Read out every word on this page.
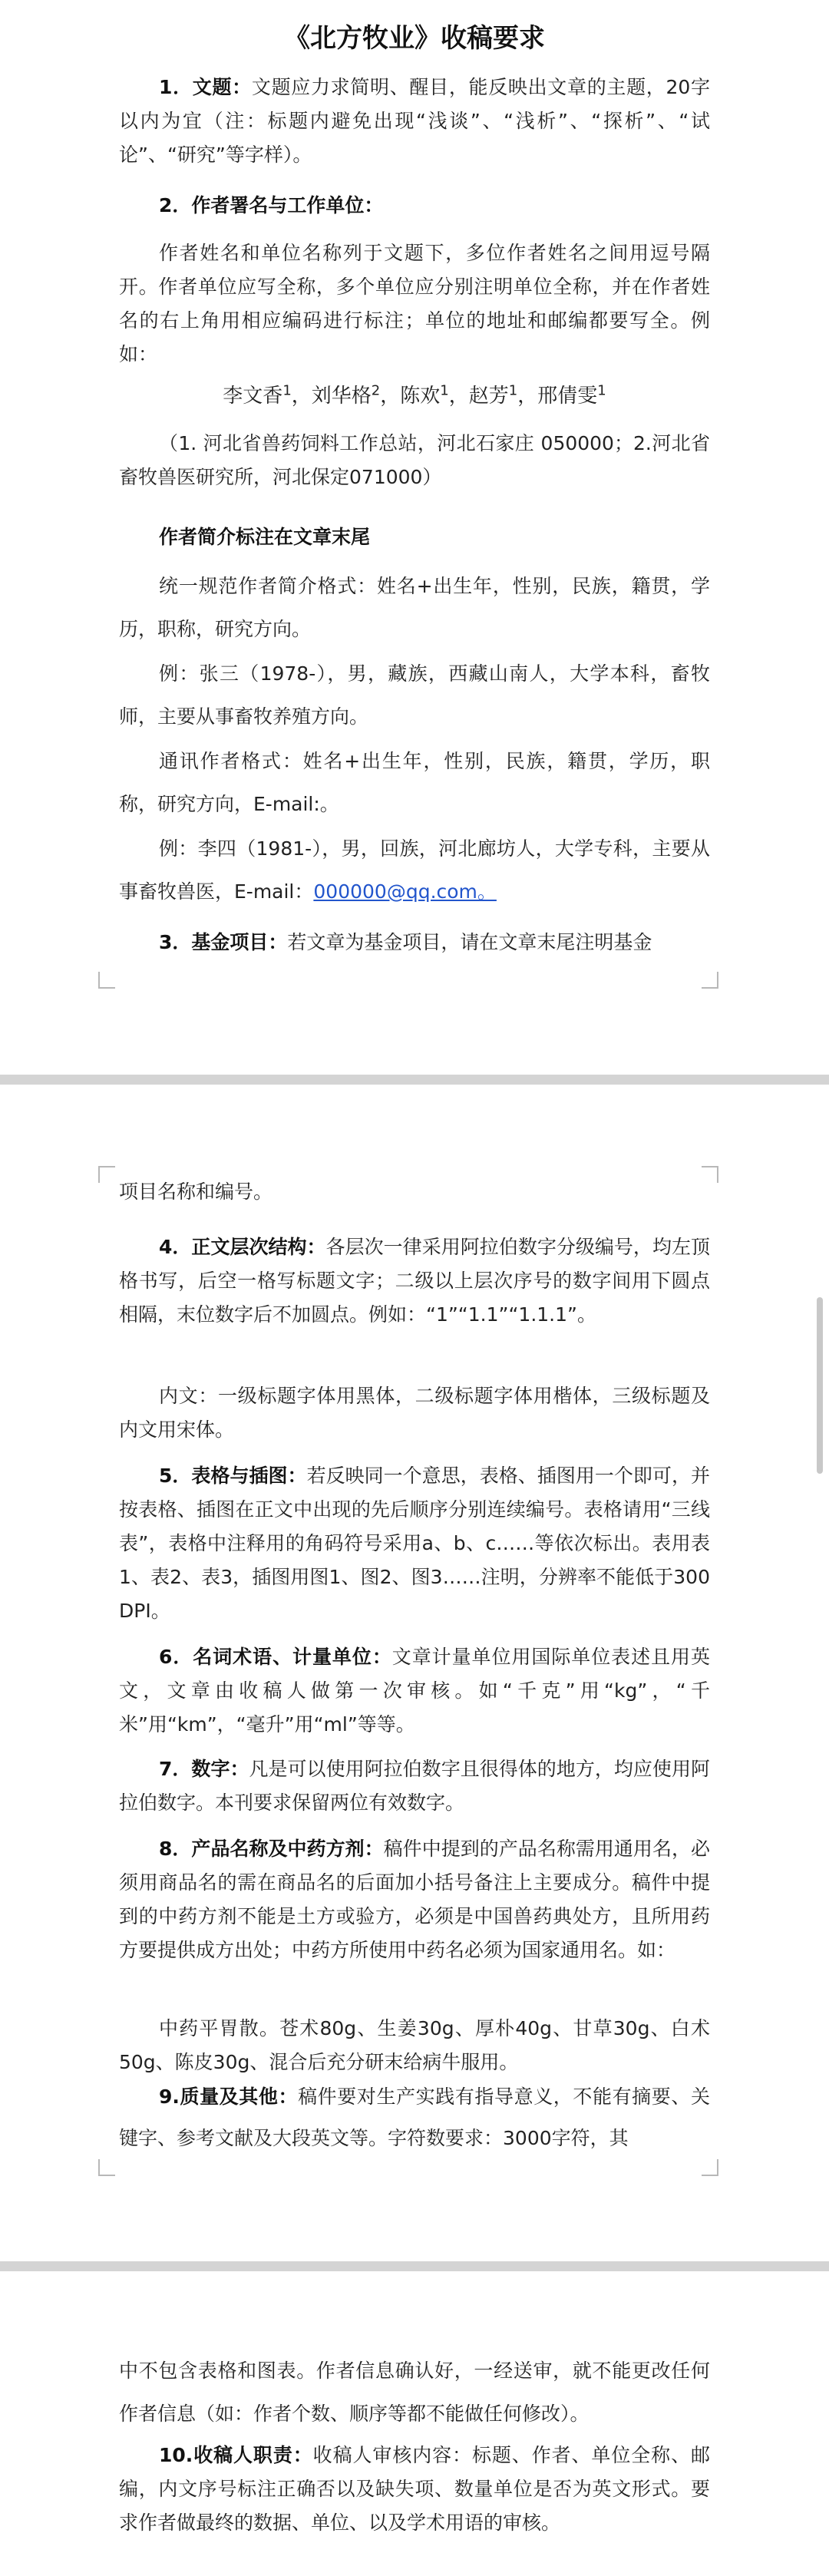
《北方牧业》收稿要求

1．文题：文题应力求简明、醒目，能反映出文章的主题，20字以内为宜（注：标题内避免出现“浅谈”、“浅析”、“探析”、“试论”、“研究”等字样）。

2．作者署名与工作单位：

作者姓名和单位名称列于文题下，多位作者姓名之间用逗号隔开。作者单位应写全称，多个单位应分别注明单位全称，并在作者姓名的右上角用相应编码进行标注；单位的地址和邮编都要写全。例如：

李文香$^1$，刘华格$^2$，陈欢$^1$，赵芳$^1$，邢倩雯$^1$

（1. 河北省兽药饲料工作总站，河北石家庄 050000；2.河北省畜牧兽医研究所，河北保定071000）

作者简介标注在文章末尾

统一规范作者简介格式：姓名+出生年，性别，民族，籍贯，学历，职称，研究方向。

例：张三（1978-），男，藏族，西藏山南人，大学本科，畜牧师，主要从事畜牧养殖方向。

通讯作者格式：姓名+出生年，性别，民族，籍贯，学历，职称，研究方向，E-mail:。

例：李四（1981-），男，回族，河北廊坊人，大学专科，主要从事畜牧兽医，E-mail：000000@qq.com。

3．基金项目：若文章为基金项目，请在文章末尾注明基金

项目名称和编号。

4．正文层次结构：各层次一律采用阿拉伯数字分级编号，均左顶格书写，后空一格写标题文字；二级以上层次序号的数字间用下圆点相隔，末位数字后不加圆点。例如：“1”“1.1”“1.1.1”。

内文：一级标题字体用黑体，二级标题字体用楷体，三级标题及内文用宋体。

5．表格与插图：若反映同一个意思，表格、插图用一个即可，并按表格、插图在正文中出现的先后顺序分别连续编号。表格请用“三线表”，表格中注释用的角码符号采用a、b、c……等依次标出。表用表1、表2、表3，插图用图1、图2、图3……注明，分辨率不能低于300 DPI。

6．名词术语、计量单位：文章计量单位用国际单位表述且用英文，文章由收稿人做第一次审核。如“千克”用“kg”，“千米”用“km”，“毫升”用“ml”等等。

7．数字：凡是可以使用阿拉伯数字且很得体的地方，均应使用阿拉伯数字。本刊要求保留两位有效数字。

8．产品名称及中药方剂：稿件中提到的产品名称需用通用名，必须用商品名的需在商品名的后面加小括号备注上主要成分。稿件中提到的中药方剂不能是土方或验方，必须是中国兽药典处方，且所用药方要提供成方出处；中药方所使用中药名必须为国家通用名。如：

中药平胃散。苍术80g、生姜30g、厚朴40g、甘草30g、白术50g、陈皮30g、混合后充分研末给病牛服用。

9.质量及其他：稿件要对生产实践有指导意义，不能有摘要、关键字、参考文献及大段英文等。字符数要求：3000字符，其

中不包含表格和图表。作者信息确认好，一经送审，就不能更改任何作者信息（如：作者个数、顺序等都不能做任何修改）。

10.收稿人职责：收稿人审核内容：标题、作者、单位全称、邮编，内文序号标注正确否以及缺失项、数量单位是否为英文形式。要求作者做最终的数据、单位、以及学术用语的审核。
